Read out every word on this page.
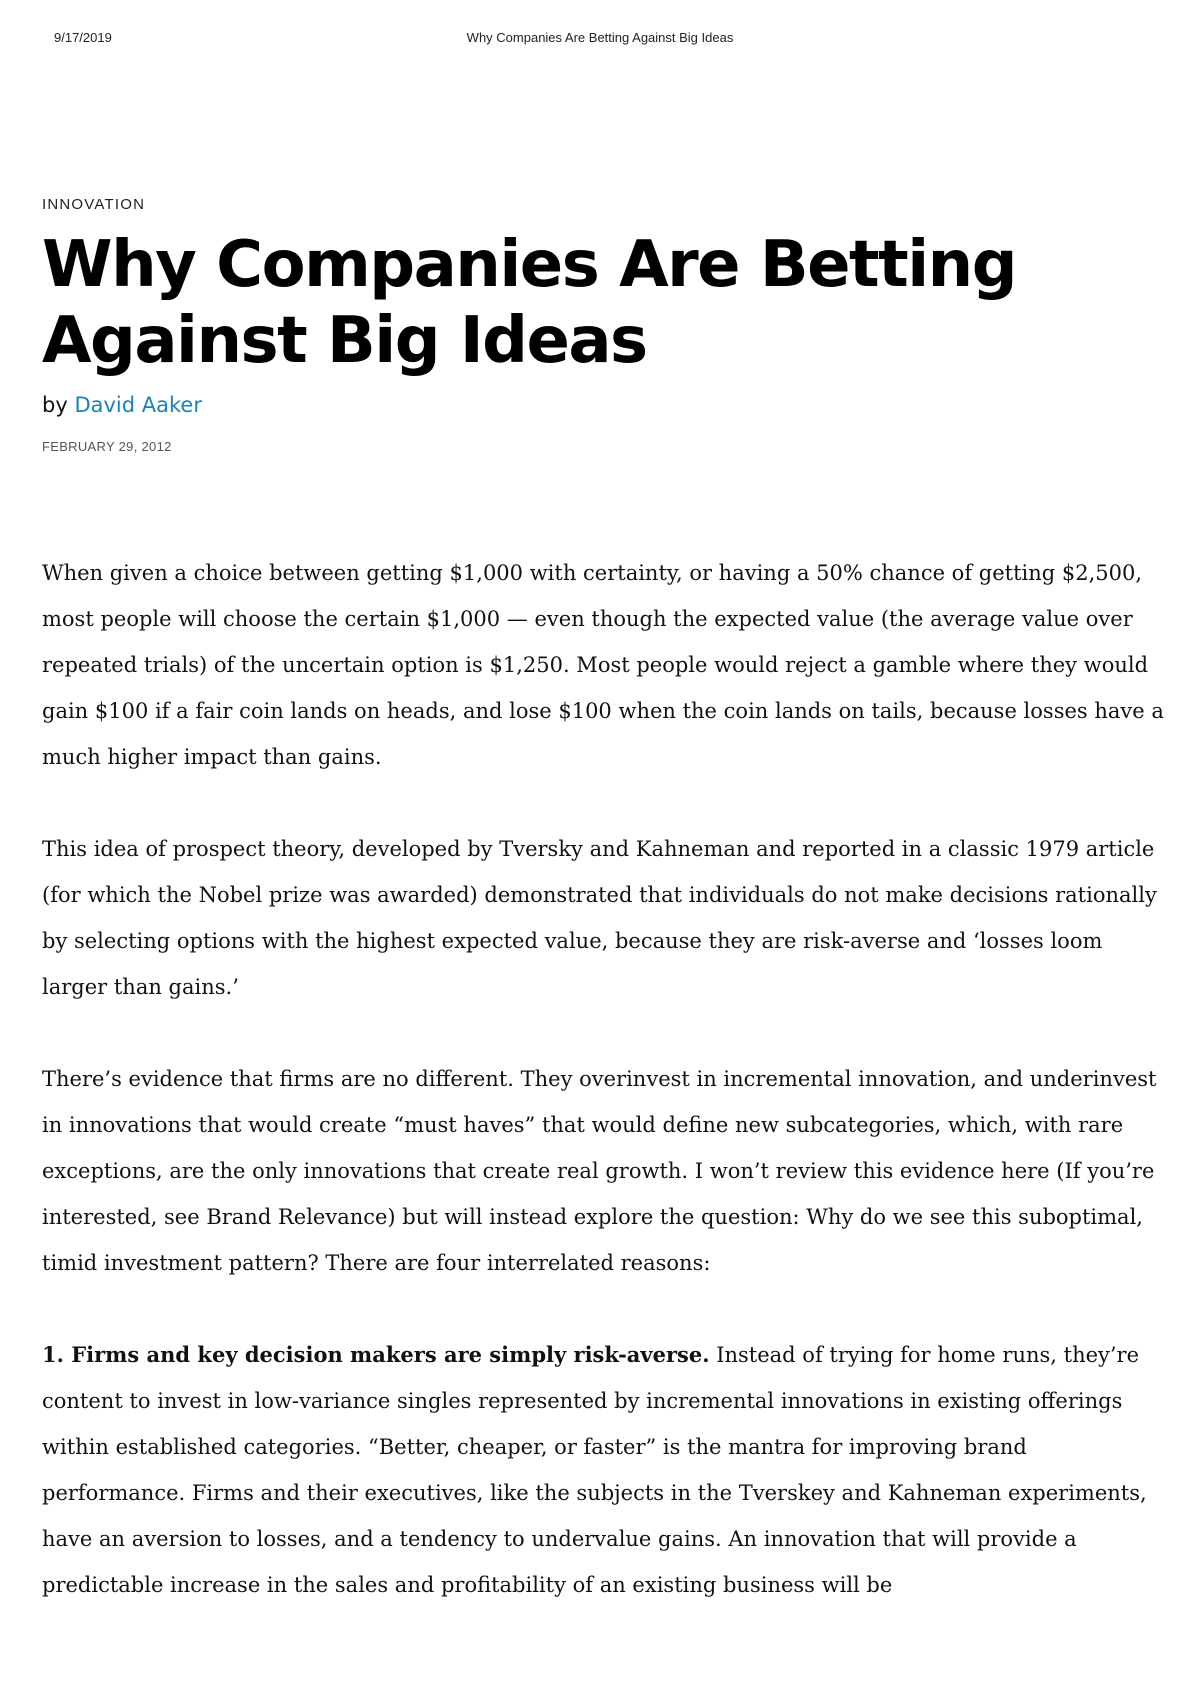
9/17/2019	Why Companies Are Betting Against Big Ideas
INNOVATION
Why Companies Are Betting Against Big Ideas
by David Aaker
FEBRUARY 29, 2012

When given a choice between getting $1,000 with certainty, or having a 50% chance of getting $2,500, most people will choose the certain $1,000 — even though the expected value (the average value over repeated trials) of the uncertain option is $1,250. Most people would reject a gamble where they would gain $100 if a fair coin lands on heads, and lose $100 when the coin lands on tails, because losses have a much higher impact than gains.

This idea of prospect theory, developed by Tversky and Kahneman and reported in a classic 1979 article (for which the Nobel prize was awarded) demonstrated that individuals do not make decisions rationally by selecting options with the highest expected value, because they are risk-averse and ‘losses loom larger than gains.’

There’s evidence that firms are no different. They overinvest in incremental innovation, and underinvest in innovations that would create “must haves” that would define new subcategories, which, with rare exceptions, are the only innovations that create real growth. I won’t review this evidence here (If you’re interested, see Brand Relevance) but will instead explore the question: Why do we see this suboptimal, timid investment pattern? There are four interrelated reasons:

1. Firms and key decision makers are simply risk-averse. Instead of trying for home runs, they’re content to invest in low-variance singles represented by incremental innovations in existing offerings within established categories. “Better, cheaper, or faster” is the mantra for improving brand performance. Firms and their executives, like the subjects in the Tverskey and Kahneman experiments, have an aversion to losses, and a tendency to undervalue gains. An innovation that will provide a predictable increase in the sales and profitability of an existing business will be
